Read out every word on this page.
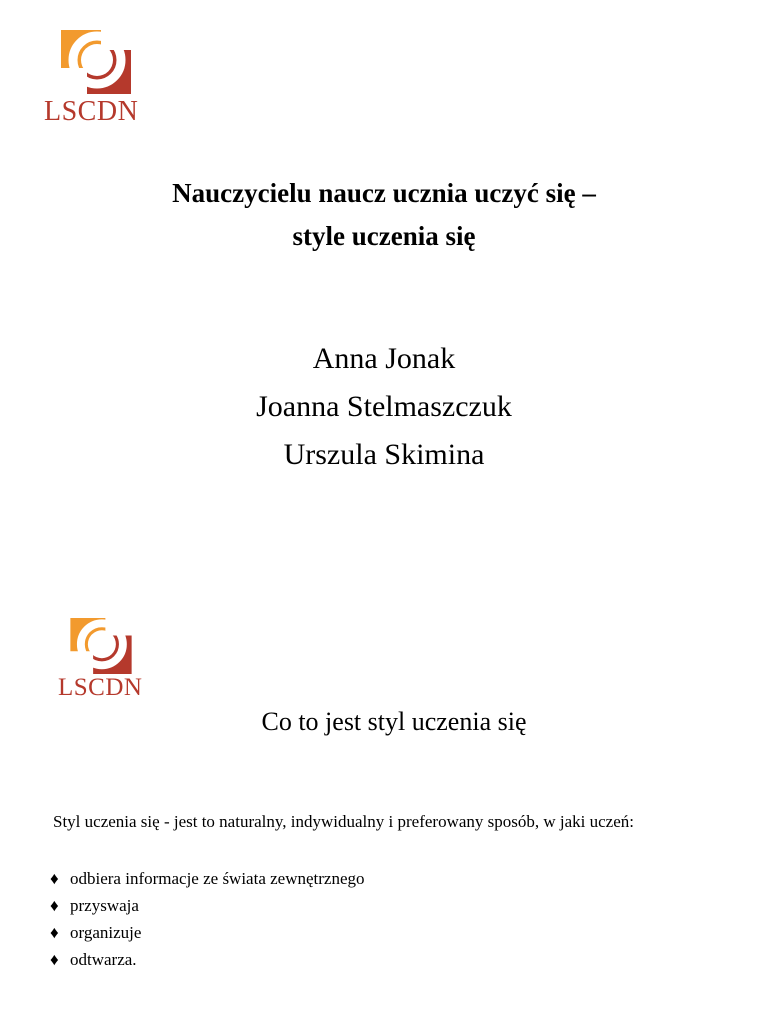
LSCDN
Nauczycielu naucz ucznia uczyć się –
style uczenia się
Anna Jonak
Joanna Stelmaszczuk
Urszula Skimina
LSCDN
Co to jest styl uczenia się
Styl uczenia się - jest to naturalny, indywidualny i preferowany sposób, w jaki uczeń:
♦ odbiera informacje ze świata zewnętrznego
♦ przyswaja
♦ organizuje
♦ odtwarza.
